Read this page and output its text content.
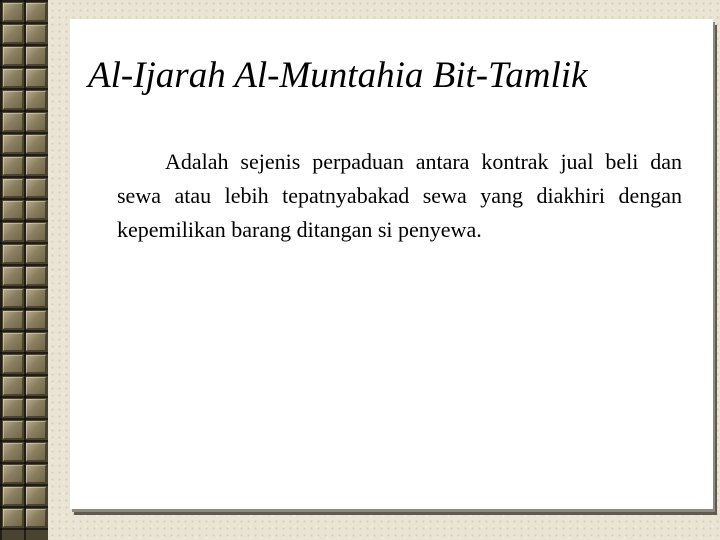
Al-Ijarah Al-Muntahia Bit-Tamlik

Adalah sejenis perpaduan antara kontrak jual beli dan sewa atau lebih tepatnyabakad sewa yang diakhiri dengan kepemilikan barang ditangan si penyewa.
